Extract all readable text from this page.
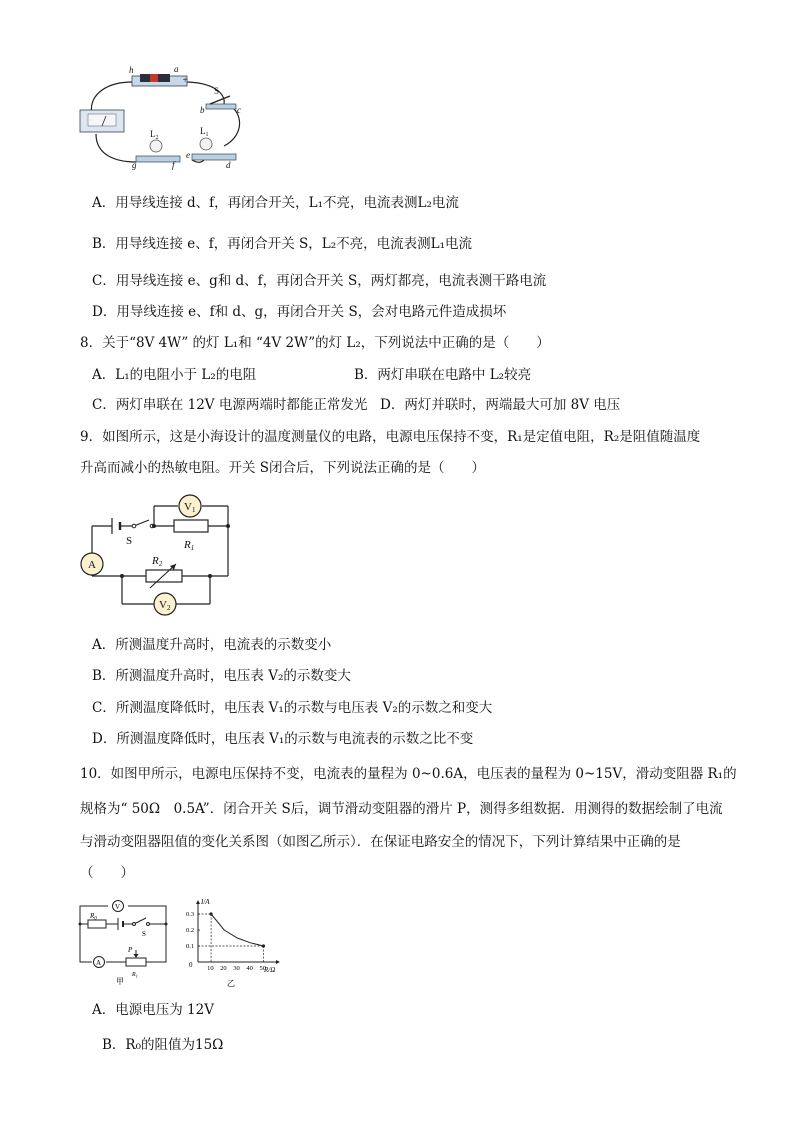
h	a
+
S
b	c
$L_2$
$L_1$
g	f
e
d
A．用导线连接 d、f，再闭合开关，L₁不亮，电流表测L₂电流
B．用导线连接 e、f，再闭合开关 S，L₂不亮，电流表测L₁电流
C．用导线连接 e、g和 d、f，再闭合开关 S，两灯都亮，电流表测干路电流
D．用导线连接 e、f和 d、g，再闭合开关 S，会对电路元件造成损坏
8．关于“8V 4W” 的灯 L₁和 “4V 2W”的灯 L₂，下列说法中正确的是（　　）
A．L₁的电阻小于 L₂的电阻	B．两灯串联在电路中 L₂较亮
C．两灯串联在 12V 电源两端时都能正常发光 D．两灯并联时，两端最大可加 8V 电压
9．如图所示，这是小海设计的温度测量仪的电路，电源电压保持不变，R₁是定值电阻，R₂是阻值随温度
升高而减小的热敏电阻。开关 S闭合后，下列说法正确的是（　　）
V1
R1
A
S
R2
V2
A．所测温度升高时，电流表的示数变小
B．所测温度升高时，电压表 V₂的示数变大
C．所测温度降低时，电压表 V₁的示数与电压表 V₂的示数之和变大
D．所测温度降低时，电压表 V₁的示数与电流表的示数之比不变
10．如图甲所示，电源电压保持不变，电流表的量程为 0~0.6A，电压表的量程为 0~15V，滑动变阻器 R₁的
规格为“ 50Ω　0.5A”．闭合开关 S后，调节滑动变阻器的滑片 P，测得多组数据．用测得的数据绘制了电流
与滑动变阻器阻值的变化关系图（如图乙所示）．在保证电路安全的情况下，下列计算结果中正确的是
（　　）
V
$R_0$
S
A
P
$R_1$
甲
10 20 30 40 50
0.1
0.2
0.3
I/A
R/Ω
0
乙
A．电源电压为 12V
B．R₀的阻值为15Ω
